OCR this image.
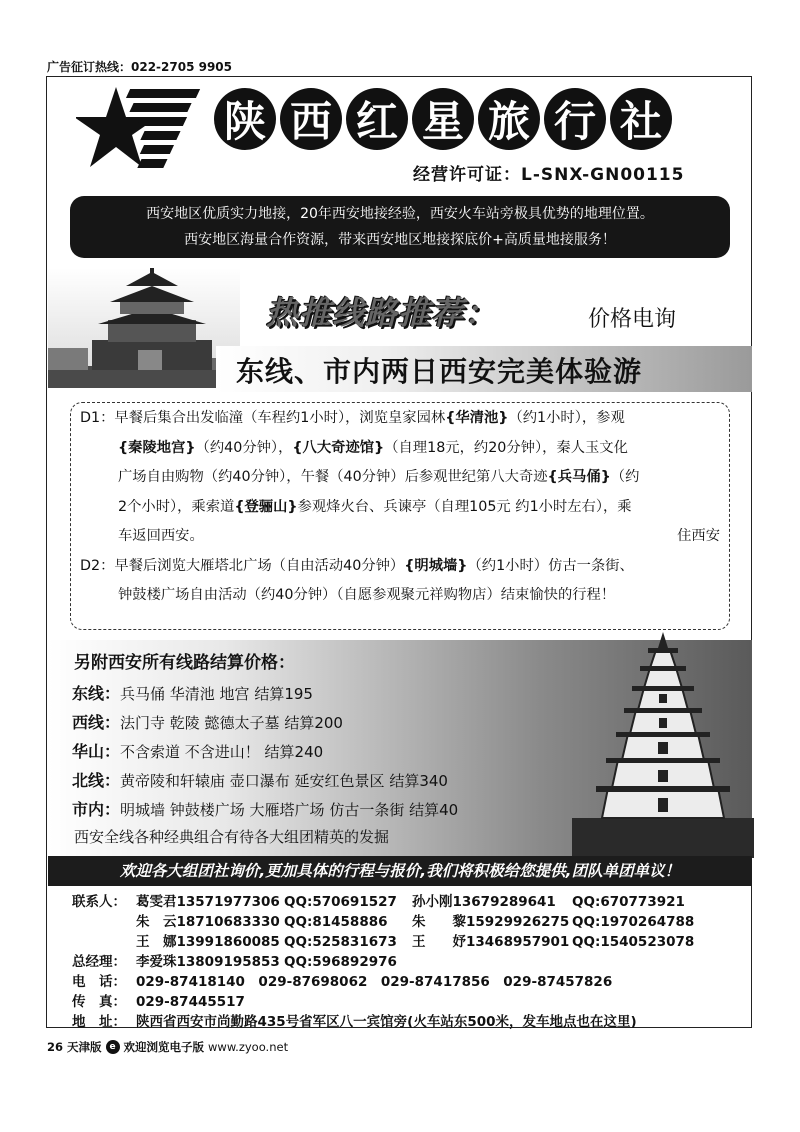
广告征订热线：022-2705 9905
陕 西 红 星 旅 行 社
经营许可证：L-SNX-GN00115
西安地区优质实力地接，20年西安地接经验，西安火车站旁极具优势的地理位置。
西安地区海量合作资源，带来西安地区地接探底价+高质量地接服务！
热推线路推荐：	价格电询
东线、市内两日西安完美体验游
D1：早餐后集合出发临潼（车程约1小时），浏览皇家园林{华清池}（约1小时），参观
{秦陵地宫}（约40分钟），{八大奇迹馆}（自理18元，约20分钟），秦人玉文化
广场自由购物（约40分钟），午餐（40分钟）后参观世纪第八大奇迹{兵马俑}（约
2个小时），乘索道{登骊山}参观烽火台、兵谏亭（自理105元 约1小时左右），乘
车返回西安。	住西安
D2：早餐后浏览大雁塔北广场（自由活动40分钟）{明城墙}（约1小时）仿古一条街、
钟鼓楼广场自由活动（约40分钟）（自愿参观聚元祥购物店）结束愉快的行程！
另附西安所有线路结算价格：
东线：兵马俑 华清池 地宫 结算195
西线：法门寺 乾陵 懿德太子墓 结算200
华山：不含索道 不含进山！ 结算240
北线：黄帝陵和轩辕庙 壶口瀑布 延安红色景区 结算340
市内：明城墙 钟鼓楼广场 大雁塔广场 仿古一条街 结算40
西安全线各种经典组合有待各大组团精英的发掘
欢迎各大组团社询价,更加具体的行程与报价,我们将积极给您提供,团队单团单议！
联系人： 葛雯君13571977306 QQ:570691527	孙小刚13679289641	QQ:670773921
朱　云18710683330 QQ:81458886	朱　　黎15929926275 QQ:1970264788
王　娜13991860085 QQ:525831673	王　　妤13468957901 QQ:1540523078
总经理： 李爱珠13809195853 QQ:596892976
电　话： 029-87418140　029-87698062　029-87417856　029-87457826
传　真： 029-87445517
地　址： 陕西省西安市尚勤路435号省军区八一宾馆旁(火车站东500米，发车地点也在这里)
26 天津版 e 欢迎浏览电子版 www.zyoo.net
